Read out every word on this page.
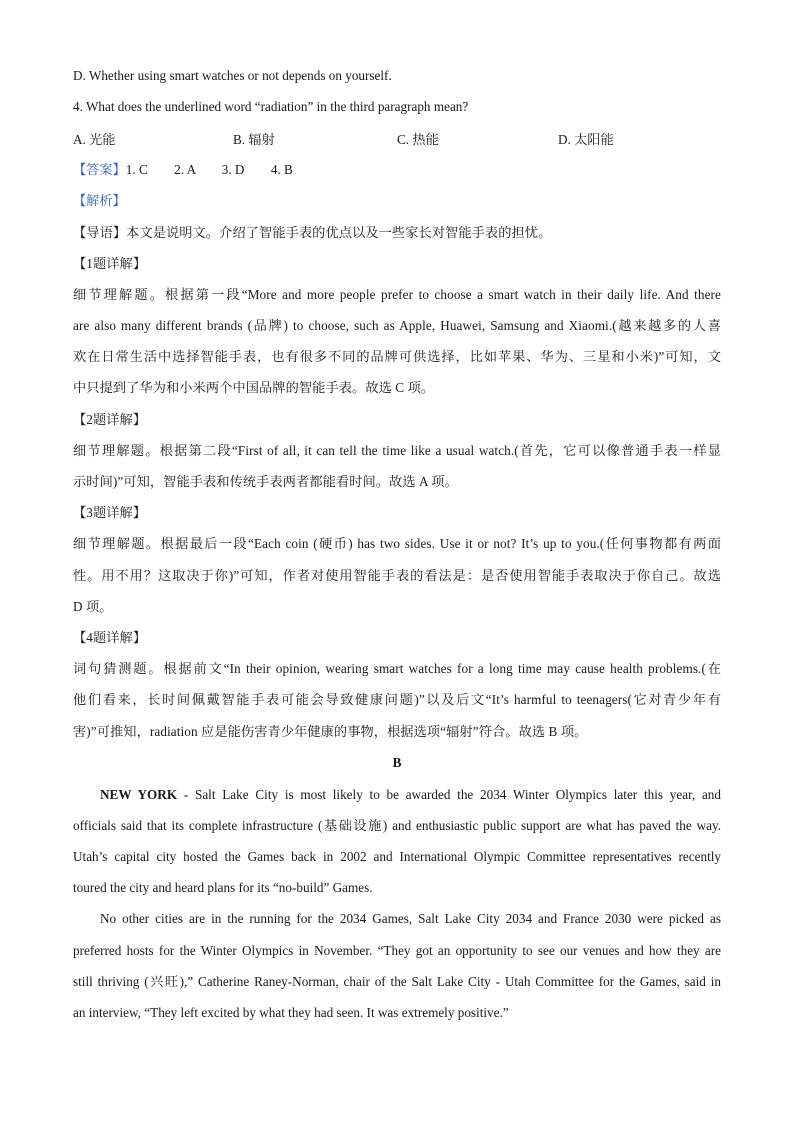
D. Whether using smart watches or not depends on yourself.
4. What does the underlined word “radiation” in the third paragraph mean?
A. 光能	B. 辐射	C. 热能	D. 太阳能
【答案】1. C        2. A        3. D        4. B
【解析】
【导语】本文是说明文。介绍了智能手表的优点以及一些家长对智能手表的担忧。
【1题详解】
细节理解题。根据第一段“More and more people prefer to choose a smart watch in their daily life. And there
are also many different brands (品牌) to choose, such as Apple, Huawei, Samsung and Xiaomi.(越来越多的人喜
欢在日常生活中选择智能手表，也有很多不同的品牌可供选择，比如苹果、华为、三星和小米)”可知，文
中只提到了华为和小米两个中国品牌的智能手表。故选 C 项。
【2题详解】
细节理解题。根据第二段“First of all, it can tell the time like a usual watch.(首先，它可以像普通手表一样显
示时间)”可知，智能手表和传统手表两者都能看时间。故选 A 项。
【3题详解】
细节理解题。根据最后一段“Each coin (硬币) has two sides. Use it or not? It’s up to you.(任何事物都有两面
性。用不用？这取决于你)”可知，作者对使用智能手表的看法是：是否使用智能手表取决于你自己。故选
D 项。
【4题详解】
词句猜测题。根据前文“In their opinion, wearing smart watches for a long time may cause health problems.(在
他们看来，长时间佩戴智能手表可能会导致健康问题)”以及后文“It’s harmful to teenagers(它对青少年有
害)”可推知，radiation 应是能伤害青少年健康的事物，根据选项“辐射”符合。故选 B 项。
B
NEW YORK - Salt Lake City is most likely to be awarded the 2034 Winter Olympics later this year, and
officials said that its complete infrastructure (基础设施) and enthusiastic public support are what has paved the way.
Utah’s capital city hosted the Games back in 2002 and International Olympic Committee representatives recently
toured the city and heard plans for its “no-build” Games.
No other cities are in the running for the 2034 Games, Salt Lake City 2034 and France 2030 were picked as
preferred hosts for the Winter Olympics in November. “They got an opportunity to see our venues and how they are
still thriving (兴旺),” Catherine Raney-Norman, chair of the Salt Lake City - Utah Committee for the Games, said in
an interview, “They left excited by what they had seen. It was extremely positive.”
